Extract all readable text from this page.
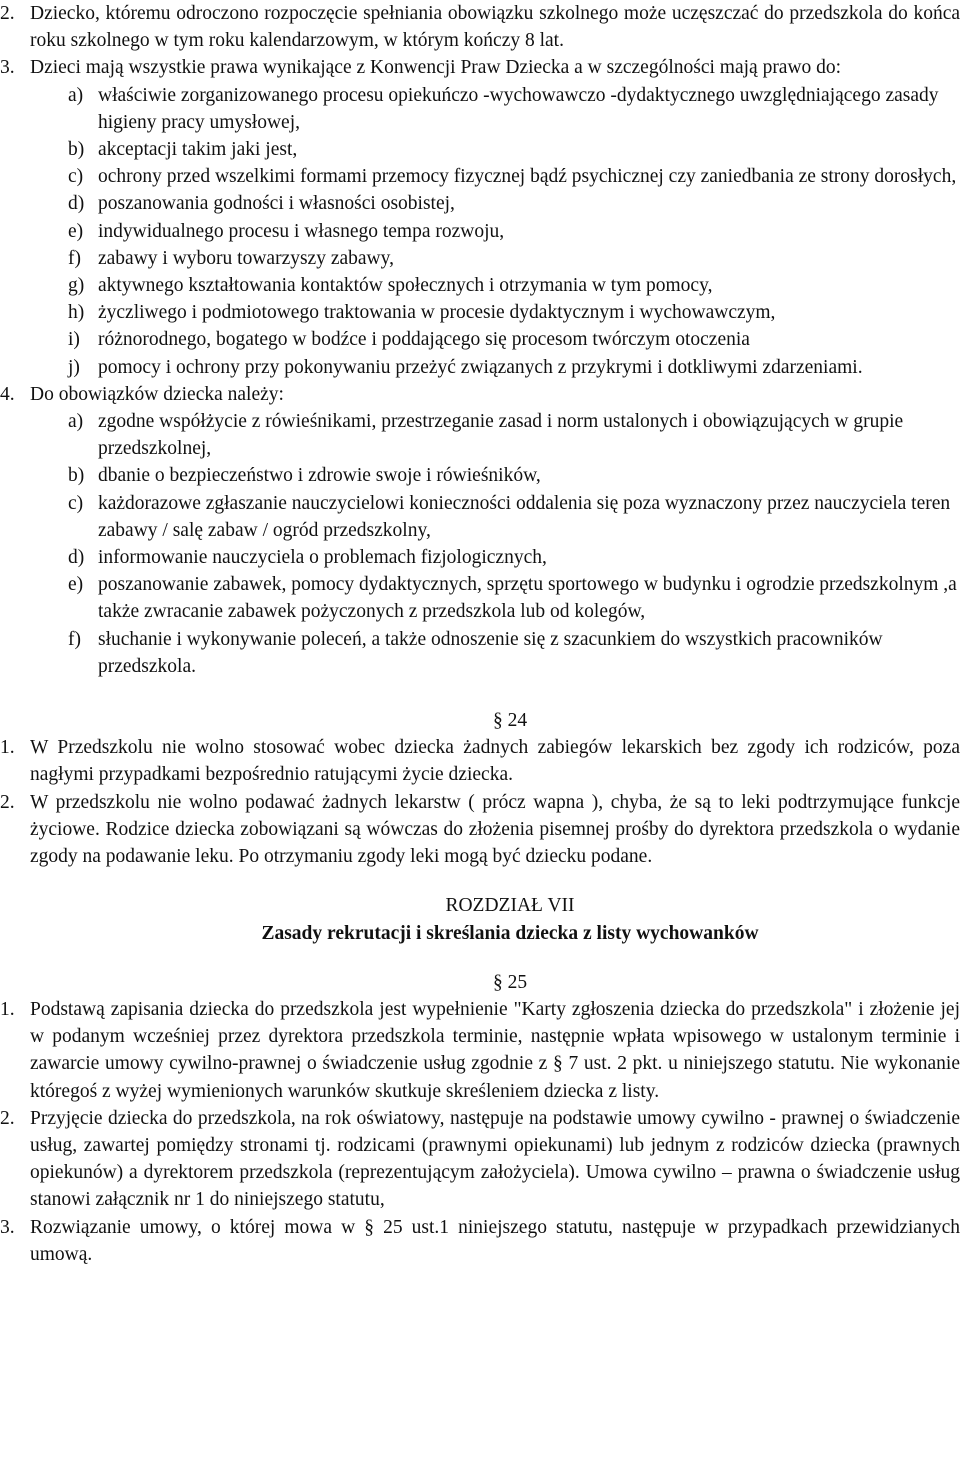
2. Dziecko, któremu odroczono rozpoczęcie spełniania obowiązku szkolnego może uczęszczać do przedszkola do końca roku szkolnego w tym roku kalendarzowym, w którym kończy 8 lat.
3. Dzieci mają wszystkie prawa wynikające z Konwencji Praw Dziecka a w szczególności mają prawo do:
a) właściwie zorganizowanego procesu opiekuńczo -wychowawczo -dydaktycznego uwzględniającego zasady higieny pracy umysłowej,
b) akceptacji takim jaki jest,
c) ochrony przed wszelkimi formami przemocy fizycznej bądź psychicznej czy zaniedbania ze strony dorosłych,
d) poszanowania godności i własności osobistej,
e) indywidualnego procesu i własnego tempa rozwoju,
f) zabawy i wyboru towarzyszy zabawy,
g) aktywnego kształtowania kontaktów społecznych i otrzymania w tym pomocy,
h) życzliwego i podmiotowego traktowania w procesie dydaktycznym i wychowawczym,
i) różnorodnego, bogatego w bodźce i poddającego się procesom twórczym otoczenia
j) pomocy i ochrony przy pokonywaniu przeżyć związanych z przykrymi i dotkliwymi zdarzeniami.
4. Do obowiązków dziecka należy:
a) zgodne współżycie z rówieśnikami, przestrzeganie zasad i norm ustalonych i obowiązujących w grupie przedszkolnej,
b) dbanie o bezpieczeństwo i zdrowie swoje i rówieśników,
c) każdorazowe zgłaszanie nauczycielowi konieczności oddalenia się poza wyznaczony przez nauczyciela teren zabawy / salę zabaw / ogród przedszkolny,
d) informowanie nauczyciela o problemach fizjologicznych,
e) poszanowanie zabawek, pomocy dydaktycznych, sprzętu sportowego w budynku i ogrodzie przedszkolnym ,a także zwracanie zabawek pożyczonych z przedszkola lub od kolegów,
f) słuchanie i wykonywanie poleceń, a także odnoszenie się z szacunkiem do wszystkich pracowników przedszkola.
§ 24
1. W Przedszkolu nie wolno stosować wobec dziecka żadnych zabiegów lekarskich bez zgody ich rodziców, poza nagłymi przypadkami bezpośrednio ratującymi życie dziecka.
2. W przedszkolu nie wolno podawać żadnych lekarstw ( prócz wapna ), chyba, że są to leki podtrzymujące funkcje życiowe. Rodzice dziecka zobowiązani są wówczas do złożenia pisemnej prośby do dyrektora przedszkola o wydanie zgody na podawanie leku. Po otrzymaniu zgody leki mogą być dziecku podane.
ROZDZIAŁ VII
Zasady rekrutacji i skreślania dziecka z listy wychowanków
§ 25
1. Podstawą zapisania dziecka do przedszkola jest wypełnienie "Karty zgłoszenia dziecka do przedszkola" i złożenie jej w podanym wcześniej przez dyrektora przedszkola terminie, następnie wpłata wpisowego w ustalonym terminie i zawarcie umowy cywilno-prawnej o świadczenie usług zgodnie z § 7 ust. 2 pkt. u niniejszego statutu. Nie wykonanie któregoś z wyżej wymienionych warunków skutkuje skreśleniem dziecka z listy.
2. Przyjęcie dziecka do przedszkola, na rok oświatowy, następuje na podstawie umowy cywilno - prawnej o świadczenie usług, zawartej pomiędzy stronami tj. rodzicami (prawnymi opiekunami) lub jednym z rodziców dziecka (prawnych opiekunów) a dyrektorem przedszkola (reprezentującym założyciela). Umowa cywilno – prawna o świadczenie usług stanowi załącznik nr 1 do niniejszego statutu,
3. Rozwiązanie umowy, o której mowa w § 25 ust.1 niniejszego statutu, następuje w przypadkach przewidzianych umową.
